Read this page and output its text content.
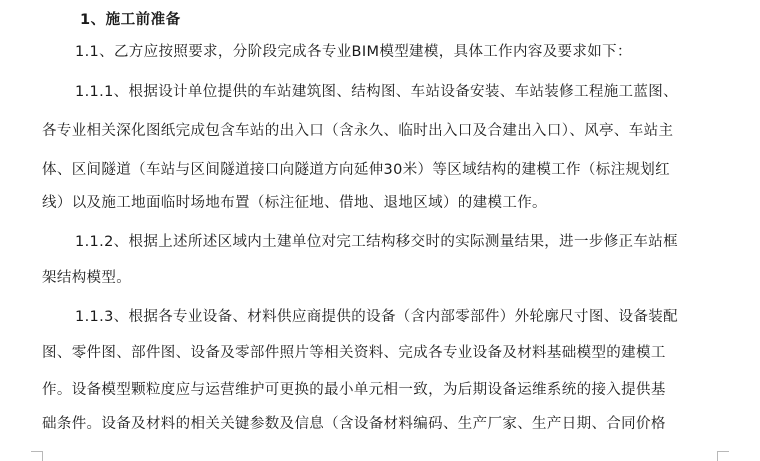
1、施工前准备
1.1、乙方应按照要求，分阶段完成各专业BIM模型建模，具体工作内容及要求如下：
1.1.1、根据设计单位提供的车站建筑图、结构图、车站设备安装、车站装修工程施工蓝图、
各专业相关深化图纸完成包含车站的出入口（含永久、临时出入口及合建出入口）、风亭、车站主
体、区间隧道（车站与区间隧道接口向隧道方向延伸30米）等区域结构的建模工作（标注规划红
线）以及施工地面临时场地布置（标注征地、借地、退地区域）的建模工作。
1.1.2、根据上述所述区域内土建单位对完工结构移交时的实际测量结果，进一步修正车站框
架结构模型。
1.1.3、根据各专业设备、材料供应商提供的设备（含内部零部件）外轮廓尺寸图、设备装配
图、零件图、部件图、设备及零部件照片等相关资料、完成各专业设备及材料基础模型的建模工
作。设备模型颗粒度应与运营维护可更换的最小单元相一致，为后期设备运维系统的接入提供基
础条件。设备及材料的相关关键参数及信息（含设备材料编码、生产厂家、生产日期、合同价格
